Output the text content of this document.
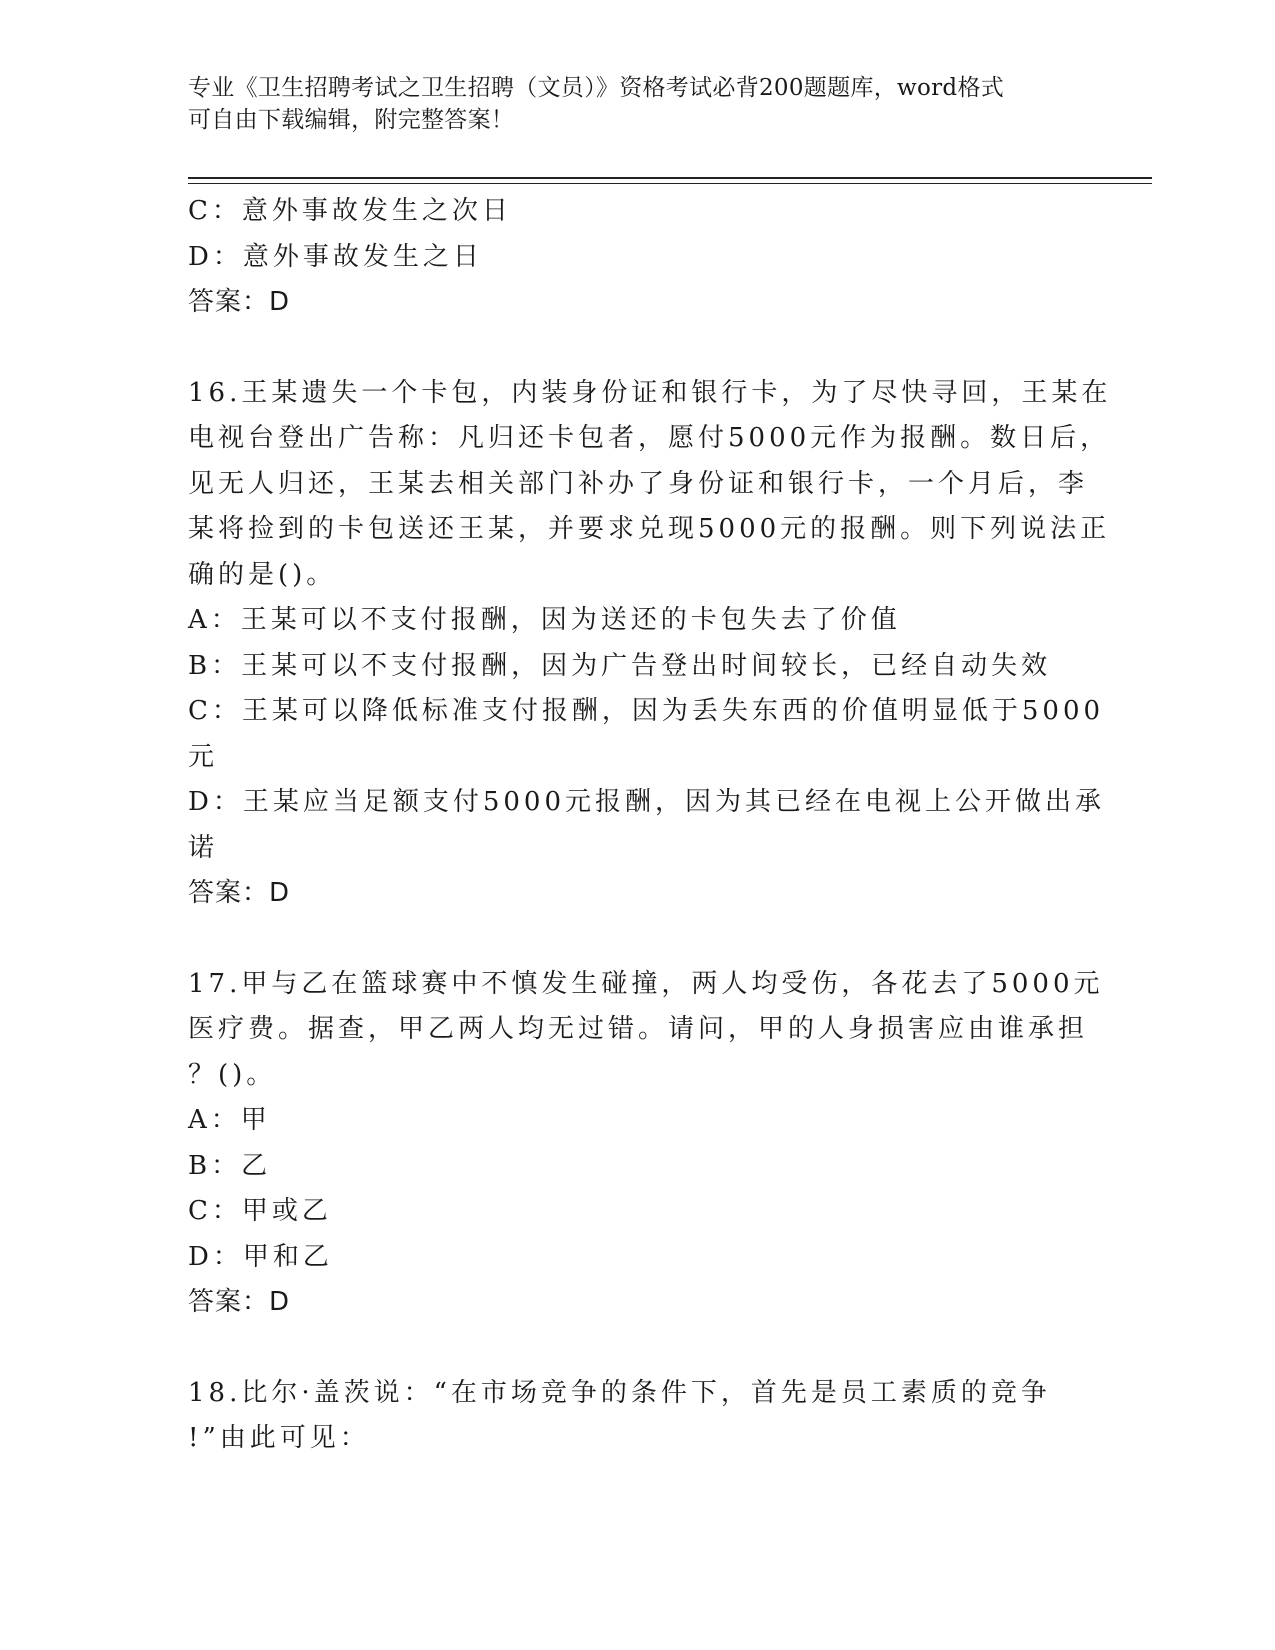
专业《卫生招聘考试之卫生招聘（文员）》资格考试必背200题题库，word格式
可自由下载编辑，附完整答案！
C：意外事故发生之次日
D：意外事故发生之日
答案：D
16.王某遗失一个卡包，内装身份证和银行卡，为了尽快寻回，王某在
电视台登出广告称：凡归还卡包者，愿付5000元作为报酬。数日后，
见无人归还，王某去相关部门补办了身份证和银行卡，一个月后，李
某将捡到的卡包送还王某，并要求兑现5000元的报酬。则下列说法正
确的是()。
A：王某可以不支付报酬，因为送还的卡包失去了价值
B：王某可以不支付报酬，因为广告登出时间较长，已经自动失效
C：王某可以降低标准支付报酬，因为丢失东西的价值明显低于5000
元
D：王某应当足额支付5000元报酬，因为其已经在电视上公开做出承
诺
答案：D
17.甲与乙在篮球赛中不慎发生碰撞，两人均受伤，各花去了5000元
医疗费。据查，甲乙两人均无过错。请问，甲的人身损害应由谁承担
？()。
A：甲
B：乙
C：甲或乙
D：甲和乙
答案：D
18.比尔·盖茨说：“在市场竞争的条件下，首先是员工素质的竞争
!”由此可见：
